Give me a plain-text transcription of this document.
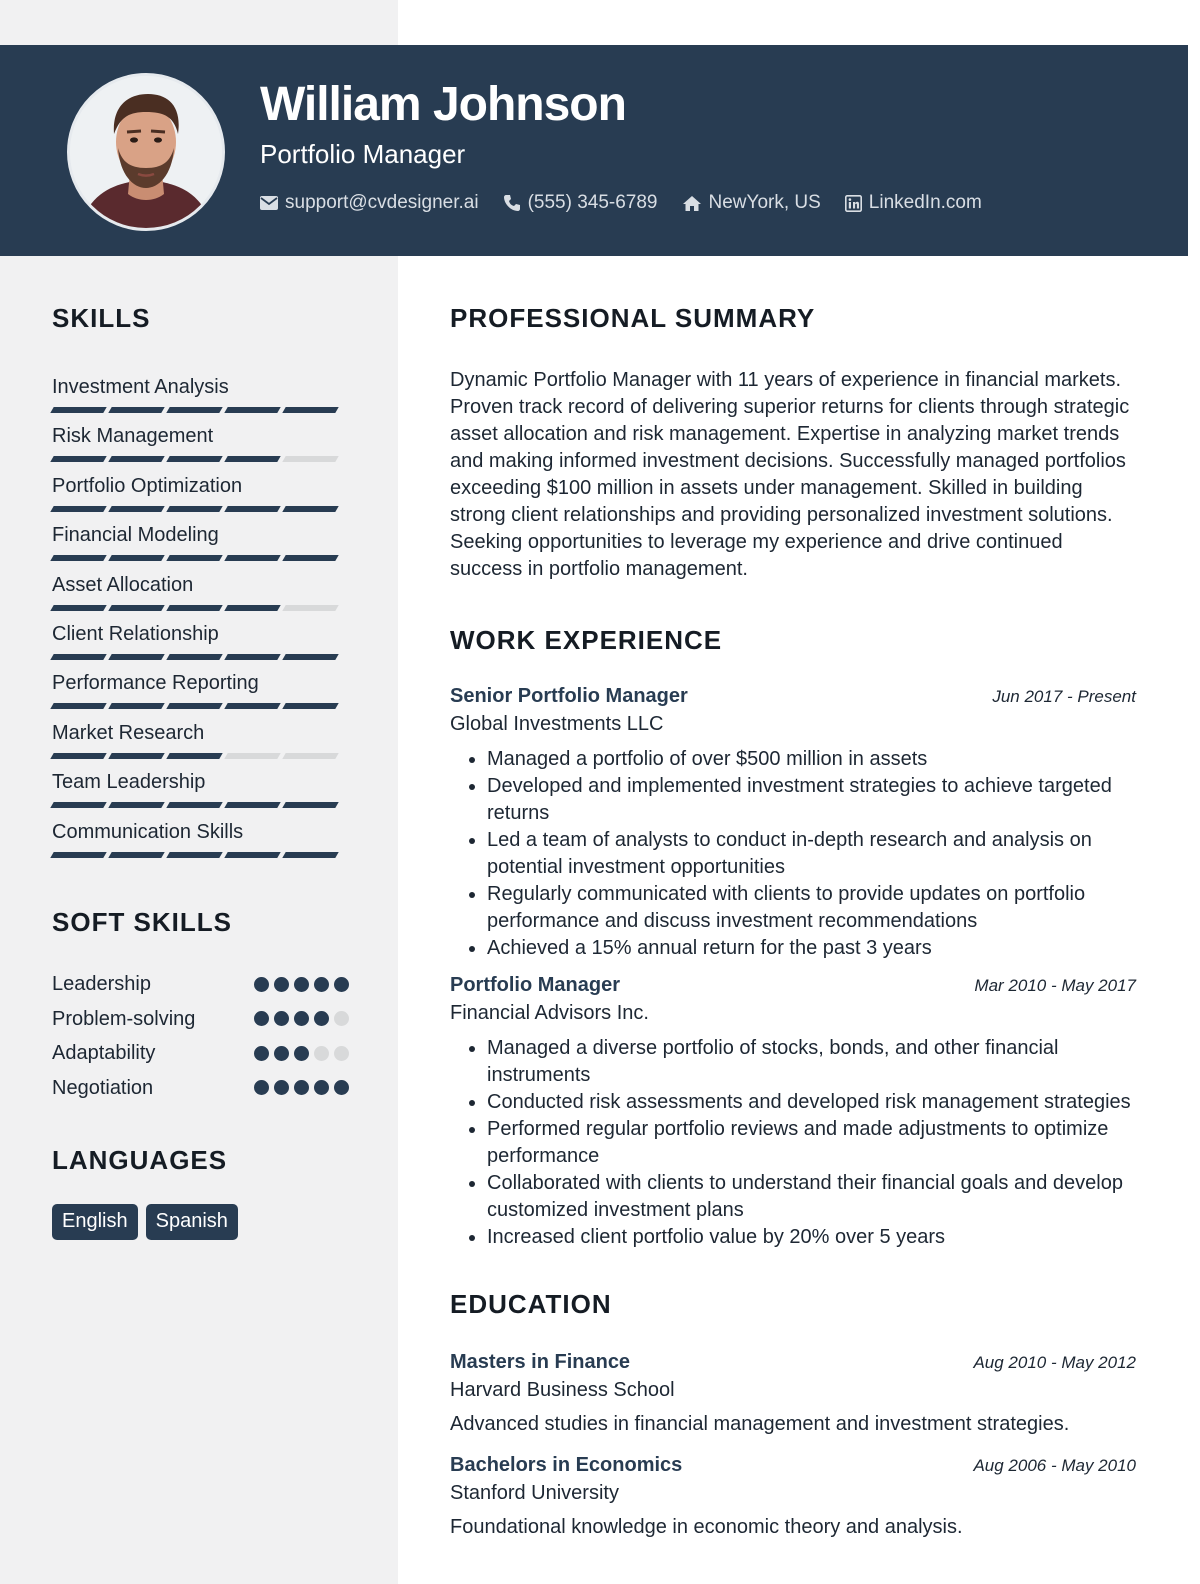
William Johnson
Portfolio Manager
support@cvdesigner.ai	(555) 345-6789	NewYork, US	LinkedIn.com
SKILLS
Investment Analysis
Risk Management
Portfolio Optimization
Financial Modeling
Asset Allocation
Client Relationship
Performance Reporting
Market Research
Team Leadership
Communication Skills
SOFT SKILLS
Leadership
Problem-solving
Adaptability
Negotiation
LANGUAGES
English	Spanish
PROFESSIONAL SUMMARY

Dynamic Portfolio Manager with 11 years of experience in financial markets. Proven track record of delivering superior returns for clients through strategic asset allocation and risk management. Expertise in analyzing market trends and making informed investment decisions. Successfully managed portfolios exceeding $100 million in assets under management. Skilled in building strong client relationships and providing personalized investment solutions. Seeking opportunities to leverage my experience and drive continued success in portfolio management.

WORK EXPERIENCE
Senior Portfolio Manager	Jun 2017 - Present
Global Investments LLC
• Managed a portfolio of over $500 million in assets
• Developed and implemented investment strategies to achieve targeted returns
• Led a team of analysts to conduct in-depth research and analysis on potential investment opportunities
• Regularly communicated with clients to provide updates on portfolio performance and discuss investment recommendations
• Achieved a 15% annual return for the past 3 years
Portfolio Manager	Mar 2010 - May 2017
Financial Advisors Inc.
• Managed a diverse portfolio of stocks, bonds, and other financial instruments
• Conducted risk assessments and developed risk management strategies
• Performed regular portfolio reviews and made adjustments to optimize performance
• Collaborated with clients to understand their financial goals and develop customized investment plans
• Increased client portfolio value by 20% over 5 years
EDUCATION
Masters in Finance	Aug 2010 - May 2012
Harvard Business School
Advanced studies in financial management and investment strategies.
Bachelors in Economics	Aug 2006 - May 2010
Stanford University
Foundational knowledge in economic theory and analysis.
